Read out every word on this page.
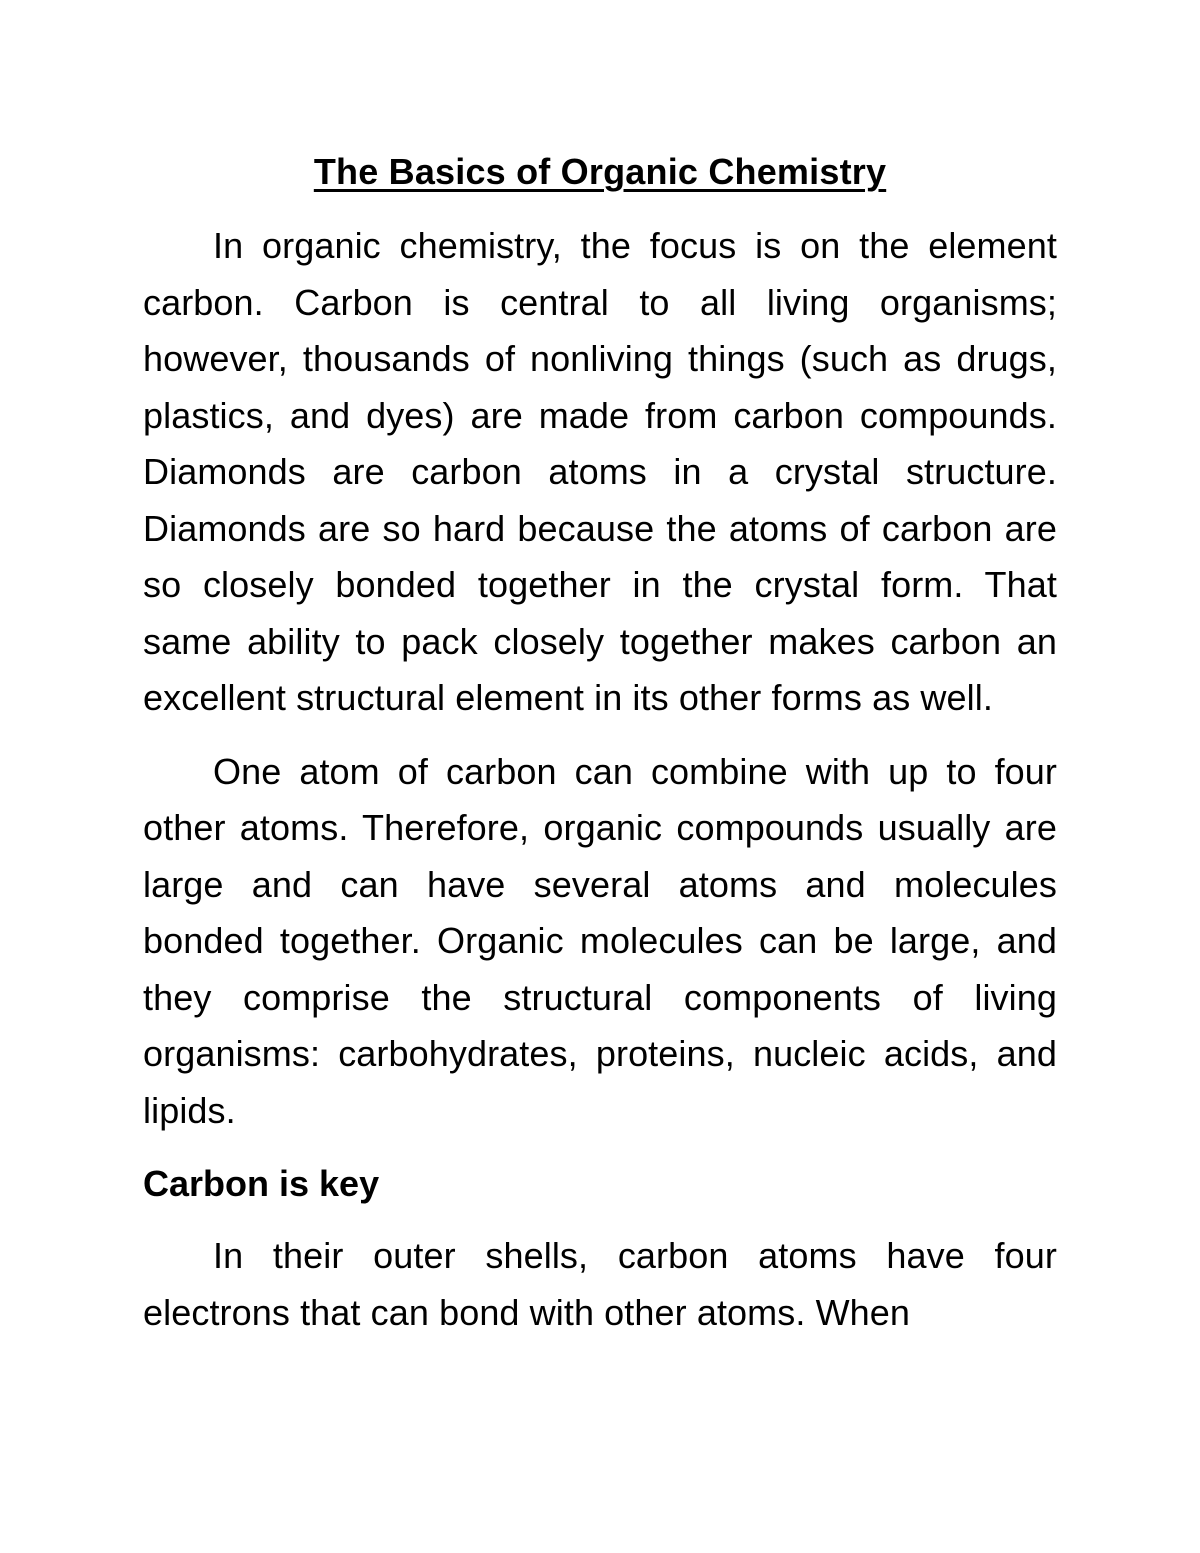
The Basics of Organic Chemistry

In organic chemistry, the focus is on the element carbon. Carbon is central to all living organisms; however, thousands of nonliving things (such as drugs, plastics, and dyes) are made from carbon compounds. Diamonds are carbon atoms in a crystal structure. Diamonds are so hard because the atoms of carbon are so closely bonded together in the crystal form. That same ability to pack closely together makes carbon an excellent structural element in its other forms as well.

One atom of carbon can combine with up to four other atoms. Therefore, organic compounds usually are large and can have several atoms and molecules bonded together. Organic molecules can be large, and they comprise the structural components of living organisms: carbohydrates, proteins, nucleic acids, and lipids.

Carbon is key

In their outer shells, carbon atoms have four electrons that can bond with other atoms. When
